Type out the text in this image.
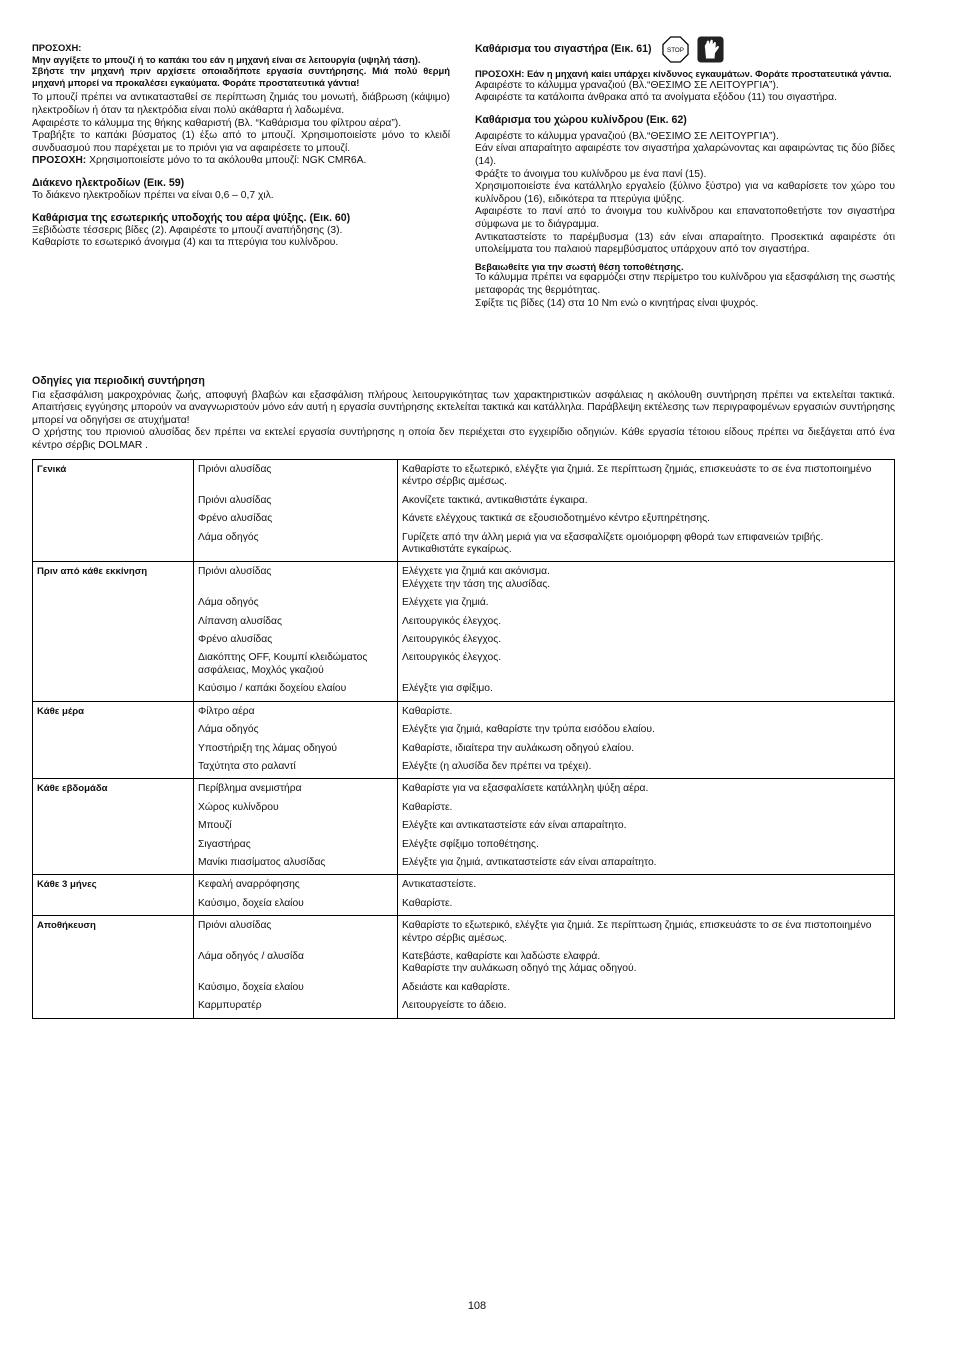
ΠΡΟΣΟΧΗ:

Μην αγγίξετε το μπουζί ή το καπάκι του εάν η μηχανή είναι σε λειτουργία (υψηλή τάση).

Σβήστε την μηχανή πριν αρχίσετε οποιαδήποτε εργασία συντήρησης. Μιά πολύ θερμή μηχανή μπορεί να προκαλέσει εγκαύματα. Φοράτε προστατευτικά γάντια!

Το μπουζί πρέπει να αντικατασταθεί σε περίπτωση ζημιάς του μονωτή, διάβρωση (κάψιμο) ηλεκτροδίων ή όταν τα ηλεκτρόδια είναι πολύ ακάθαρτα ή λαδωμένα.

Αφαιρέστε το κάλυμμα της θήκης καθαριστή (Βλ. “Καθάρισμα του φίλτρου αέρα”).

Τραβήξτε το καπάκι βύσματος (1) έξω από το μπουζί. Χρησιμοποιείστε μόνο το κλειδί συνδυασμού που παρέχεται με το πριόνι για να αφαιρέσετε το μπουζί.

ΠΡΟΣΟΧΗ: Χρησιμοποιείστε μόνο το τα ακόλουθα μπουζί: NGK CMR6A.

Διάκενο ηλεκτροδίων (Εικ. 59)

Το διάκενο ηλεκτροδίων πρέπει να είναι 0,6 – 0,7 χιλ.

Καθάρισμα της εσωτερικής υποδοχής του αέρα ψύξης. (Εικ. 60)

Ξεβιδώστε τέσσερις βίδες (2). Αφαιρέστε το μπουζί αναπήδησης (3).

Καθαρίστε το εσωτερικό άνοιγμα (4) και τα πτερύγια του κυλίνδρου.

Καθάρισμα του σιγαστήρα (Εικ. 61) STOP

ΠΡΟΣΟΧΗ: Εάν η μηχανή καίει υπάρχει κίνδυνος εγκαυμάτων. Φοράτε προστατευτικά γάντια.

Αφαιρέστε το κάλυμμα γραναζιού (Βλ.“ΘΕΣΙΜΟ ΣΕ ΛΕΙΤΟΥΡΓΙΑ”).

Αφαιρέστε τα κατάλοιπα άνθρακα από τα ανοίγματα εξόδου (11) του σιγαστήρα.

Καθάρισμα του χώρου κυλίνδρου (Εικ. 62)

Αφαιρέστε το κάλυμμα γραναζιού (Βλ.“ΘΕΣΙΜΟ ΣΕ ΛΕΙΤΟΥΡΓΙΑ”).

Εάν είναι απαραίτητο αφαιρέστε τον σιγαστήρα χαλαρώνοντας και αφαιρώντας τις δύο βίδες (14).

Φράξτε το άνοιγμα του κυλίνδρου με ένα πανί (15).

Χρησιμοποιείστε ένα κατάλληλο εργαλείο (ξύλινο ξύστρο) για να καθαρίσετε τον χώρο του κυλίνδρου (16), ειδικότερα τα πτερύγια ψύξης.

Αφαιρέστε το πανί από το άνοιγμα του κυλίνδρου και επανατοποθετήστε τον σιγαστήρα σύμφωνα με το διάγραμμα.

Αντικαταστείστε το παρέμβυσμα (13) εάν είναι απαραίτητο. Προσεκτικά αφαιρέστε ότι υπολείμματα του παλαιού παρεμβύσματος υπάρχουν από τον σιγαστήρα.

Βεβαιωθείτε για την σωστή θέση τοποθέτησης.

Το κάλυμμα πρέπει να εφαρμόζει στην περίμετρο του κυλίνδρου για εξασφάλιση της σωστής μεταφοράς της θερμότητας.

Σφίξτε τις βίδες (14) στα 10 Nm ενώ ο κινητήρας είναι ψυχρός.

Οδηγίες για περιοδική συντήρηση

Για εξασφάλιση μακροχρόνιας ζωής, αποφυγή βλαβών και εξασφάλιση πλήρους λειτουργικότητας των χαρακτηριστικών ασφάλειας η ακόλουθη συντήρηση πρέπει να εκτελείται τακτικά. Απαιτήσεις εγγύησης μπορούν να αναγνωριστούν μόνο εάν αυτή η εργασία συντήρησης εκτελείται τακτικά και κατάλληλα. Παράβλεψη εκτέλεσης των περιγραφομένων εργασιών συντήρησης μπορεί να οδηγήσει σε ατυχήματα!

Ο χρήστης του πριονιού αλυσίδας δεν πρέπει να εκτελεί εργασία συντήρησης η οποία δεν περιέχεται στο εγχειρίδιο οδηγιών. Κάθε εργασία τέτοιου είδους πρέπει να διεξάγεται από ένα κέντρο σέρβις DOLMAR .

Γενικά	Πριόνι αλυσίδας	Καθαρίστε το εξωτερικό, ελέγξτε για ζημιά. Σε περίπτωση ζημιάς, επισκευάστε το σε ένα πιστοποιημένο κέντρο σέρβις αμέσως.
	Πριόνι αλυσίδας	Ακονίζετε τακτικά, αντικαθιστάτε έγκαιρα.
	Φρένο αλυσίδας	Κάνετε ελέγχους τακτικά σε εξουσιοδοτημένο κέντρο εξυπηρέτησης.
	Λάμα οδηγός	Γυρίζετε από την άλλη μεριά για να εξασφαλίζετε ομοιόμορφη φθορά των επιφανειών τριβής.
Αντικαθιστάτε εγκαίρως.
Πριν από κάθε εκκίνηση	Πριόνι αλυσίδας	Ελέγχετε για ζημιά και ακόνισμα.
Ελέγχετε την τάση της αλυσίδας.
	Λάμα οδηγός	Ελέγχετε για ζημιά.
	Λίπανση αλυσίδας	Λειτουργικός έλεγχος.
	Φρένο αλυσίδας	Λειτουργικός έλεγχος.
	Διακόπτης OFF, Κουμπί κλειδώματος ασφάλειας, Μοχλός γκαζιού	Λειτουργικός έλεγχος.
	Καύσιμο / καπάκι δοχείου ελαίου	Ελέγξτε για σφίξιμο.
Κάθε μέρα	Φίλτρο αέρα	Καθαρίστε.
	Λάμα οδηγός	Ελέγξτε για ζημιά, καθαρίστε την τρύπα εισόδου ελαίου.
	Υποστήριξη της λάμας οδηγού	Καθαρίστε, ιδιαίτερα την αυλάκωση οδηγού ελαίου.
	Ταχύτητα στο ραλαντί	Ελέγξτε (η αλυσίδα δεν πρέπει να τρέχει).
Κάθε εβδομάδα	Περίβλημα ανεμιστήρα	Καθαρίστε για να εξασφαλίσετε κατάλληλη ψύξη αέρα.
	Χώρος κυλίνδρου	Καθαρίστε.
	Μπουζί	Ελέγξτε και αντικαταστείστε εάν είναι απαραίτητο.
	Σιγαστήρας	Ελέγξτε σφίξιμο τοποθέτησης.
	Μανίκι πιασίματος αλυσίδας	Ελέγξτε για ζημιά, αντικαταστείστε εάν είναι απαραίτητο.
Κάθε 3 μήνες	Κεφαλή αναρρόφησης	Αντικαταστείστε.
	Καύσιμο, δοχεία ελαίου	Καθαρίστε.
Αποθήκευση	Πριόνι αλυσίδας	Καθαρίστε το εξωτερικό, ελέγξτε για ζημιά. Σε περίπτωση ζημιάς, επισκευάστε το σε ένα πιστοποιημένο κέντρο σέρβις αμέσως.
	Λάμα οδηγός / αλυσίδα	Κατεβάστε, καθαρίστε και λαδώστε ελαφρά.
Καθαρίστε την αυλάκωση οδηγό της λάμας οδηγού.
	Καύσιμο, δοχεία ελαίου	Αδειάστε και καθαρίστε.
	Καρμπυρατέρ	Λειτουργείστε το άδειο.
108
